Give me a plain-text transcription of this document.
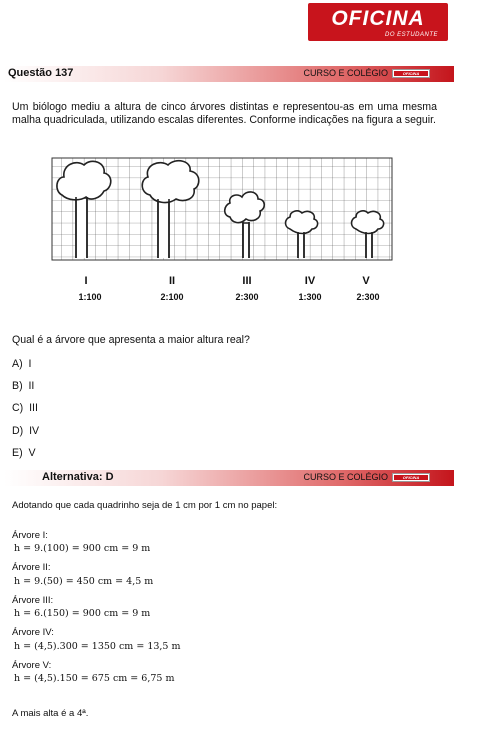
OFICINA
DO ESTUDANTE
Questão 137	CURSO E COLÉGIO	OFICINA
Um biólogo mediu a altura de cinco árvores distintas e representou-as em uma mesma malha quadriculada, utilizando escalas diferentes. Conforme indicações na figura a seguir.
I
1:100
II
2:100
III
2:300
IV
1:300
V
2:300
Qual é a árvore que apresenta a maior altura real?
A) I
B) II
C) III
D) IV
E) V
Alternativa: D	CURSO E COLÉGIO	OFICINA
Adotando que cada quadrinho seja de 1 cm por 1 cm no papel:
Árvore I:
h = 9.(100) = 900 cm = 9 m
Árvore II:
h = 9.(50) = 450 cm = 4,5 m
Árvore III:
h = 6.(150) = 900 cm = 9 m
Árvore IV:
h = (4,5).300 = 1350 cm = 13,5 m
Árvore V:
h = (4,5).150 = 675 cm = 6,75 m
A mais alta é a 4ª.
